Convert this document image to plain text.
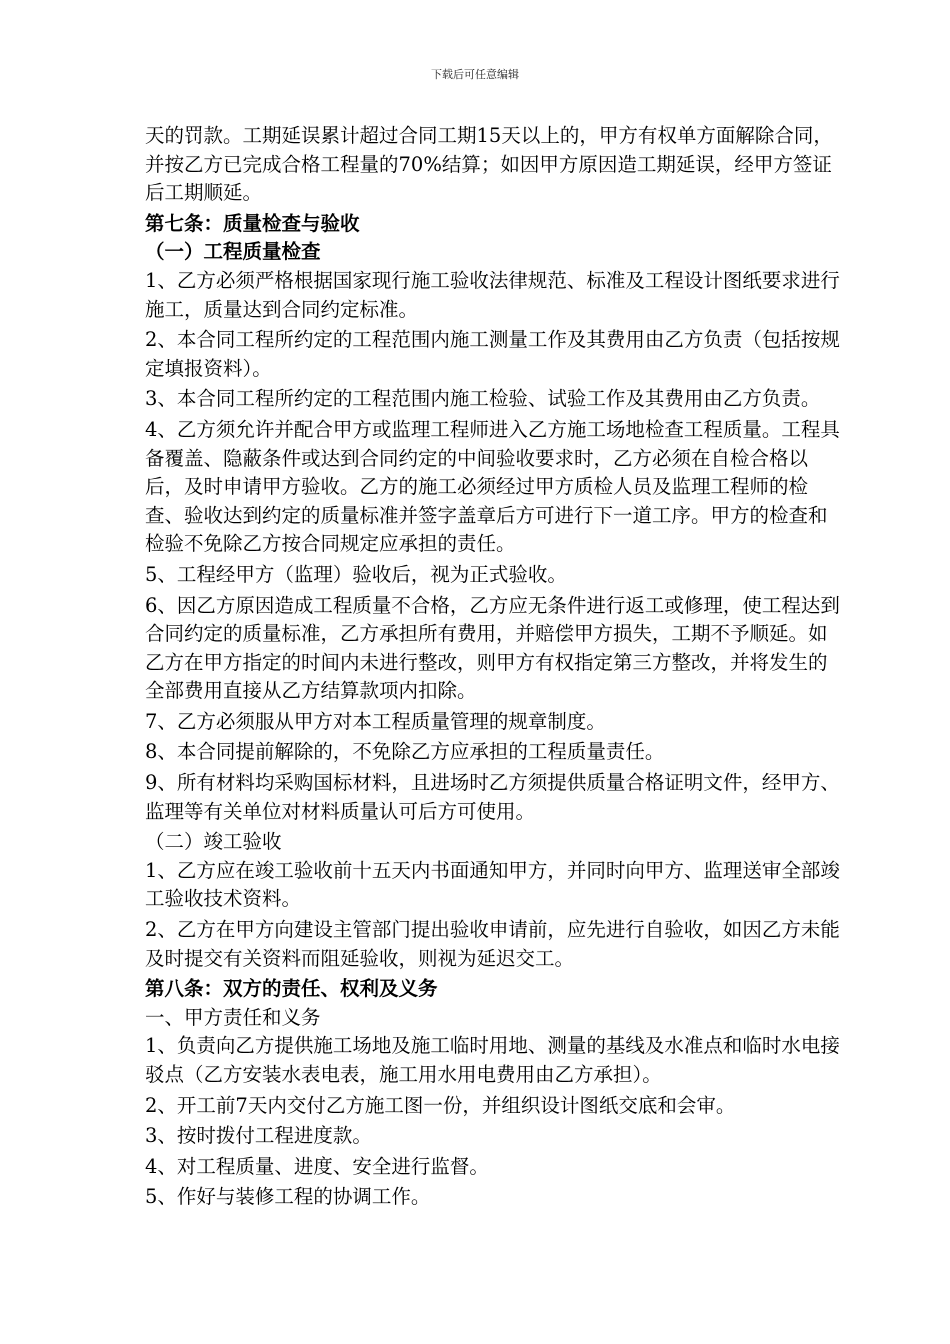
下载后可任意编辑

天的罚款。工期延误累计超过合同工期15天以上的，甲方有权单方面解除合同，并按乙方已完成合格工程量的70%结算；如因甲方原因造工期延误，经甲方签证后工期顺延。

第七条：质量检查与验收

（一）工程质量检查

1、乙方必须严格根据国家现行施工验收法律规范、标准及工程设计图纸要求进行施工，质量达到合同约定标准。

2、本合同工程所约定的工程范围内施工测量工作及其费用由乙方负责（包括按规定填报资料）。

3、本合同工程所约定的工程范围内施工检验、试验工作及其费用由乙方负责。

4、乙方须允许并配合甲方或监理工程师进入乙方施工场地检查工程质量。工程具备覆盖、隐蔽条件或达到合同约定的中间验收要求时，乙方必须在自检合格以后，及时申请甲方验收。乙方的施工必须经过甲方质检人员及监理工程师的检查、验收达到约定的质量标准并签字盖章后方可进行下一道工序。甲方的检查和检验不免除乙方按合同规定应承担的责任。

5、工程经甲方（监理）验收后，视为正式验收。

6、因乙方原因造成工程质量不合格，乙方应无条件进行返工或修理，使工程达到合同约定的质量标准，乙方承担所有费用，并赔偿甲方损失，工期不予顺延。如乙方在甲方指定的时间内未进行整改，则甲方有权指定第三方整改，并将发生的全部费用直接从乙方结算款项内扣除。

7、乙方必须服从甲方对本工程质量管理的规章制度。

8、本合同提前解除的，不免除乙方应承担的工程质量责任。

9、所有材料均采购国标材料，且进场时乙方须提供质量合格证明文件，经甲方、监理等有关单位对材料质量认可后方可使用。

（二）竣工验收

1、乙方应在竣工验收前十五天内书面通知甲方，并同时向甲方、监理送审全部竣工验收技术资料。

2、乙方在甲方向建设主管部门提出验收申请前，应先进行自验收，如因乙方未能及时提交有关资料而阻延验收，则视为延迟交工。

第八条：双方的责任、权利及义务

一、甲方责任和义务

1、负责向乙方提供施工场地及施工临时用地、测量的基线及水准点和临时水电接驳点（乙方安装水表电表，施工用水用电费用由乙方承担）。

2、开工前7天内交付乙方施工图一份，并组织设计图纸交底和会审。

3、按时拨付工程进度款。

4、对工程质量、进度、安全进行监督。

5、作好与装修工程的协调工作。
